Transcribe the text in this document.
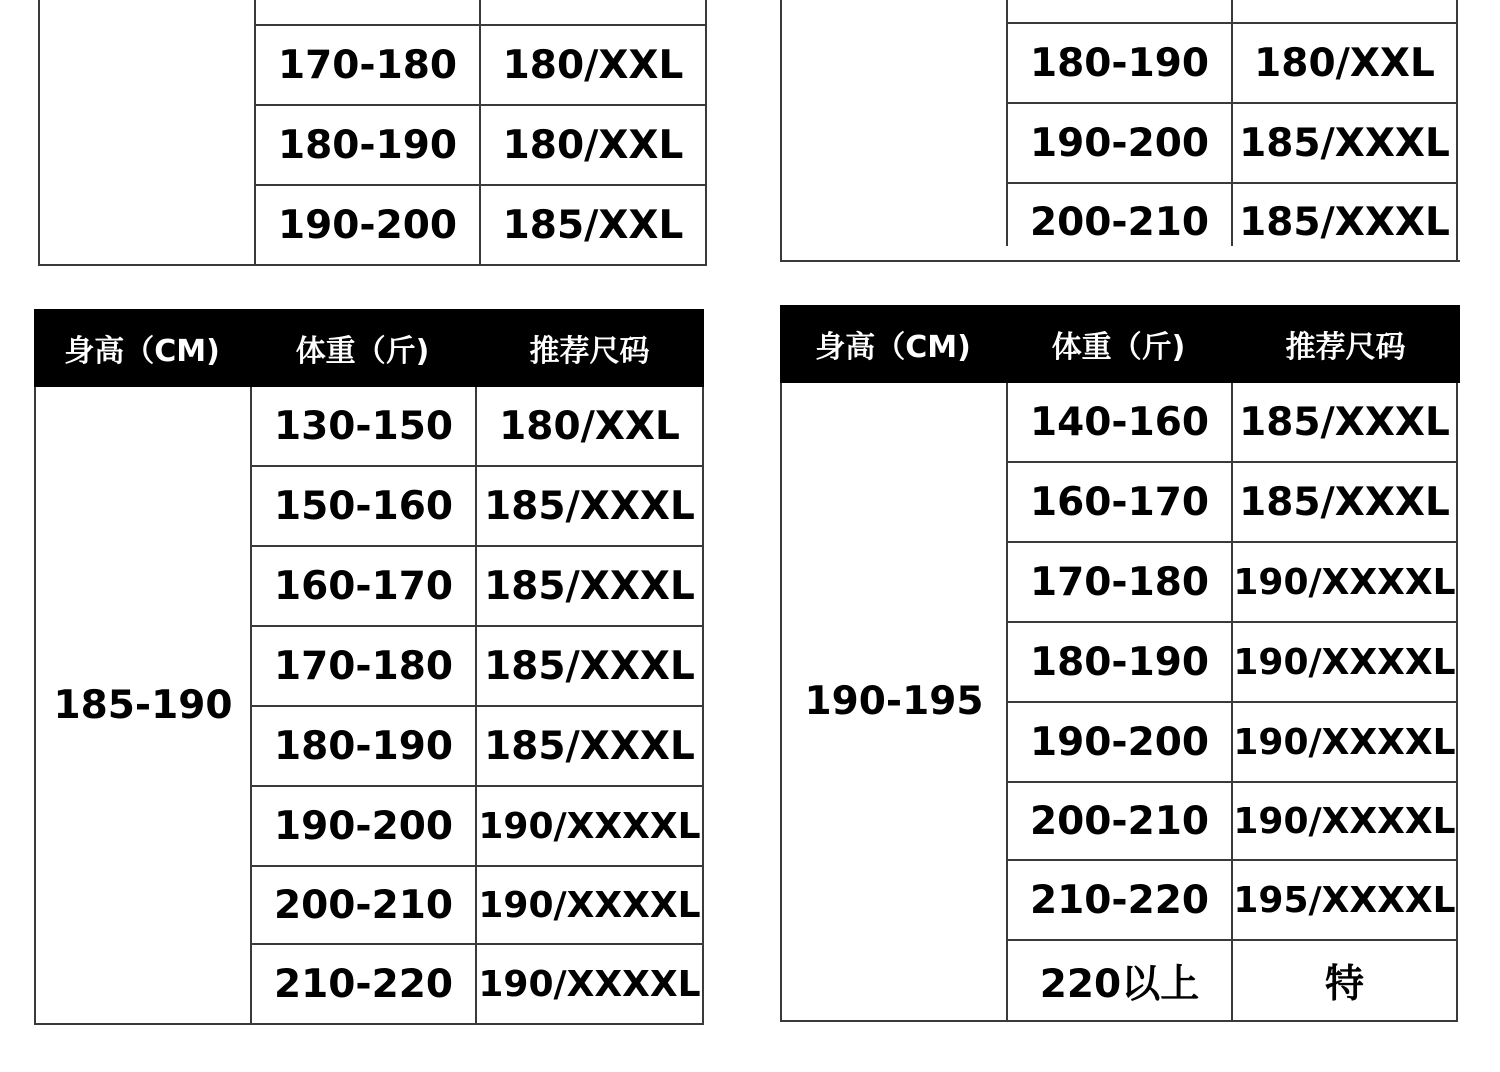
170-180	180/XXL
180-190	180/XXL
190-200	185/XXL
180-190	180/XXL
190-200 185/XXXL
200-210 185/XXXL
身高（CM)	体重（斤)	推荐尺码
185-190
130-150	180/XXL
150-160 185/XXXL
160-170 185/XXXL
170-180 185/XXXL
180-190 185/XXXL
190-200 190/XXXXL
200-210 190/XXXXL
210-220 190/XXXXL
身高（CM)	体重（斤)	推荐尺码
190-195
140-160 185/XXXL
160-170 185/XXXL
170-180 190/XXXXL
180-190 190/XXXXL
190-200 190/XXXXL
200-210 190/XXXXL
210-220 195/XXXXL
220以上	特
